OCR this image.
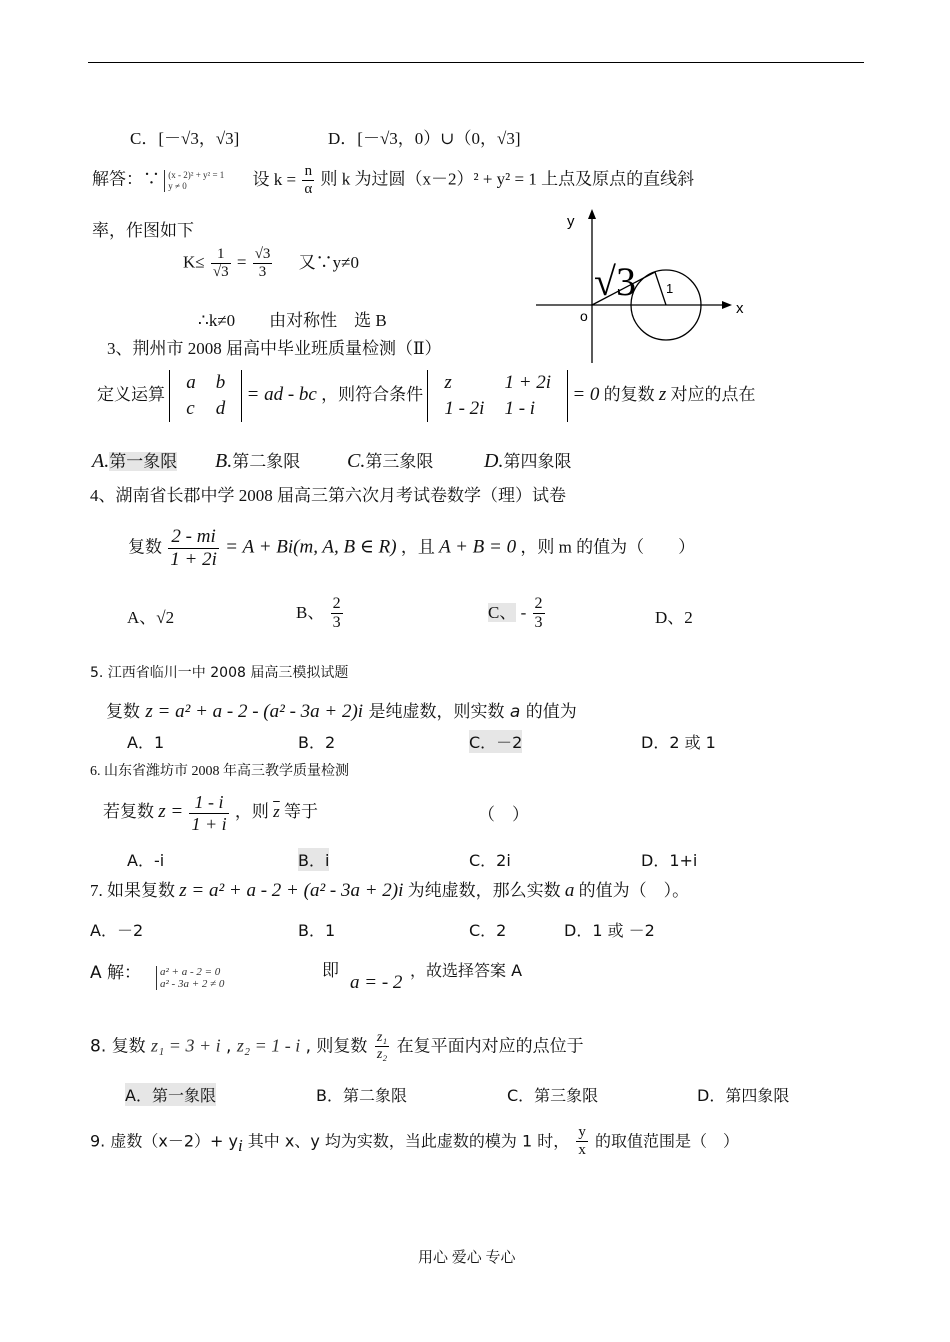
C．[－√3，√3]	D．[－√3，0）∪（0，√3]
解答：∵ (x - 2)² + y² = 1
y ≠ 0	设 $k = \frac{n}{\alpha}$ 则 k 为过圆（x－2）² + y² = 1 上点及原点的直线斜
率，作图如下
$K\le \frac{1}{√3} = \frac{√3}{3}$ 又∵y≠0
∴k≠0　　由对称性　选 B
y
x
o
1
√3
3、荆州市 2008 届高中毕业班质量检测（Ⅱ）
定义运算
a	b
c	d
= ad - bc ，则符合条件
z	1 + 2i
1 - 2i	1 - i
= 0 的复数 z 对应的点在
A.第一象限 B.第二象限 C.第三象限	D.第四象限
4、湖南省长郡中学 2008 届高三第六次月考试卷数学（理）试卷
复数 $\frac{2 - mi}{1 + 2i} = A + Bi(m$, A, B ∈ R) ，且 A + B = 0 ，则 m 的值为（　　）
A、√2	B、 $\frac{2}{3}$	C、 - $\frac{2}{3}$	D、2
5. 江西省临川一中 2008 届高三模拟试题
复数 z = a² + a - 2 - (a² - 3a + 2)i 是纯虚数，则实数 a 的值为
A．1	B．2	C．－2	D．2 或 1
6. 山东省潍坊市 2008 年高三教学质量检测
若复数 $z = \frac{1 - i}{1 + i}$ ，则 $\overline{z}$ 等于	（　）
A．-i	B．i	C．2i	D．1+i
7. 如果复数 z = a² + a - 2 + (a² - 3a + 2)i 为纯虚数，那么实数 a 的值为（　）。
A．－2	B．1	C．2	D．1 或 －2
A 解： a² + a - 2 = 0
a² - 3a + 2 ≠ 0
即
a = - 2
，故选择答案 A
8. 复数 z₁ = 3 + i , z₂ = 1 - i , 则复数 $\frac{\text{z₁}}{\text{z₂}}$ 在复平面内对应的点位于
A．第一象限	B．第二象限	C．第三象限	D．第四象限
9. 虚数（x－2）+ yi 其中 x、y 均为实数，当此虚数的模为 1 时， $\frac{y}{x}$ 的取值范围是（　）
用心 爱心 专心
